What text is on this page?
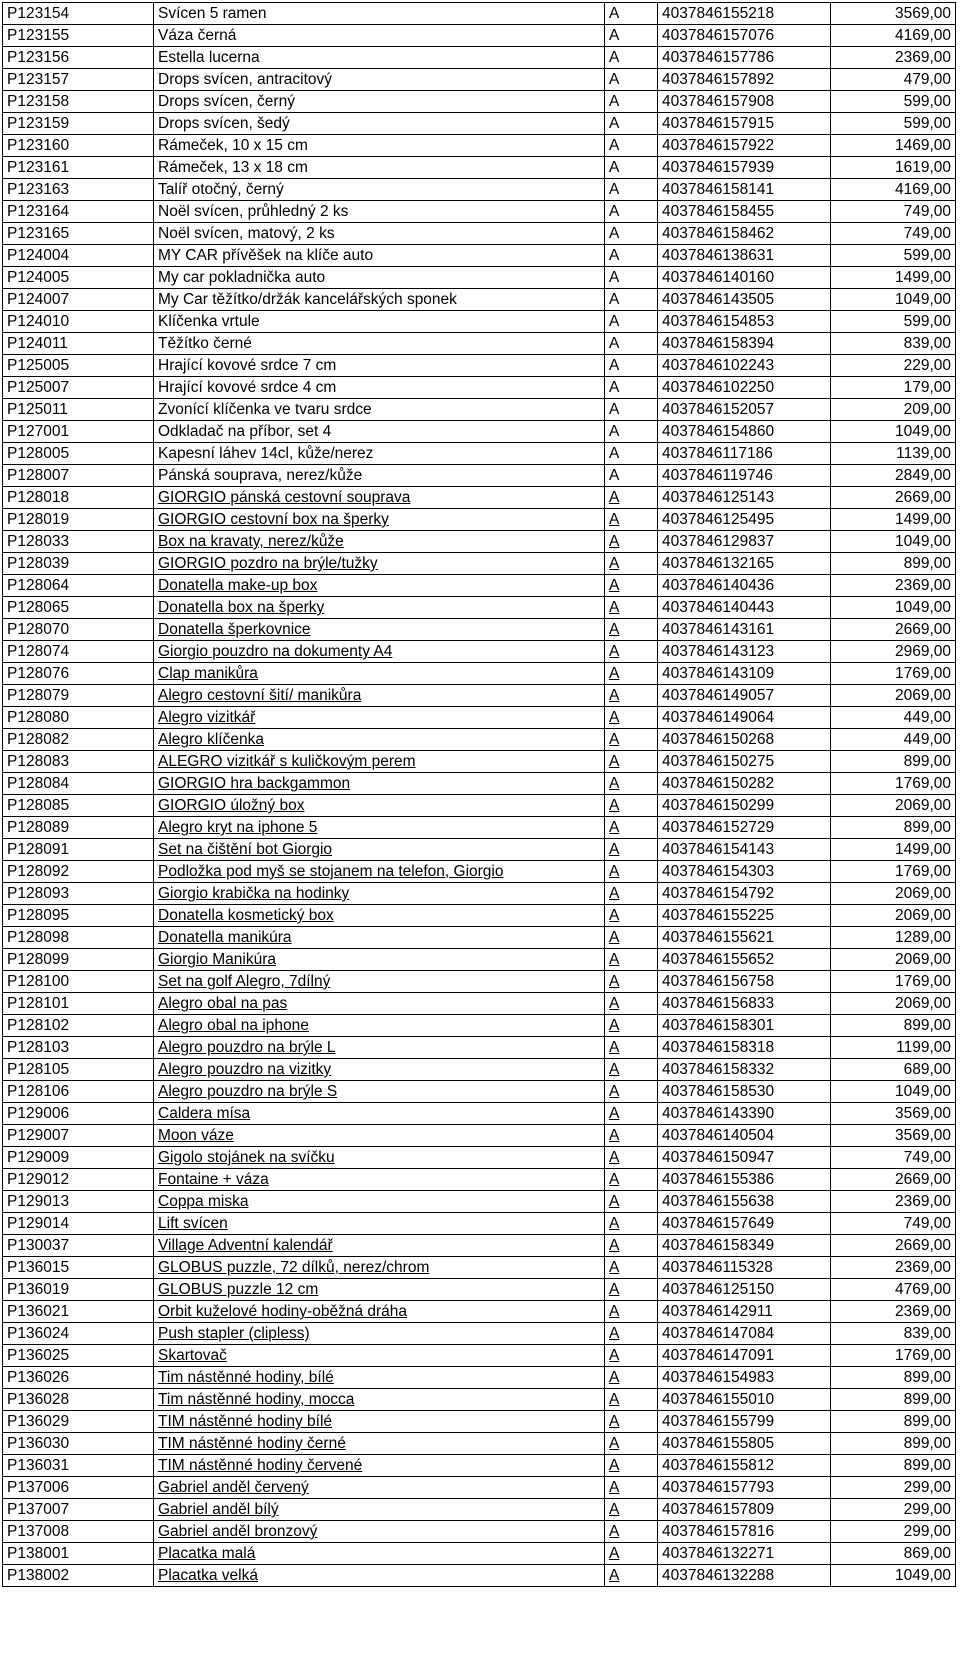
P123154	Svícen 5 ramen	A	4037846155218	3569,00
P123155	Váza černá	A	4037846157076	4169,00
P123156	Estella lucerna	A	4037846157786	2369,00
P123157	Drops svícen, antracitový	A	4037846157892	479,00
P123158	Drops svícen, černý	A	4037846157908	599,00
P123159	Drops svícen, šedý	A	4037846157915	599,00
P123160	Rámeček, 10 x 15 cm	A	4037846157922	1469,00
P123161	Rámeček, 13 x 18 cm	A	4037846157939	1619,00
P123163	Talíř otočný, černý	A	4037846158141	4169,00
P123164	Noël svícen, průhledný 2 ks	A	4037846158455	749,00
P123165	Noël svícen, matový, 2 ks	A	4037846158462	749,00
P124004	MY CAR přívěšek na klíče auto	A	4037846138631	599,00
P124005	My car pokladnička auto	A	4037846140160	1499,00
P124007	My Car těžítko/držák kancelářských sponek	A	4037846143505	1049,00
P124010	Klíčenka vrtule	A	4037846154853	599,00
P124011	Těžítko černé	A	4037846158394	839,00
P125005	Hrající kovové srdce 7 cm	A	4037846102243	229,00
P125007	Hrající kovové srdce 4 cm	A	4037846102250	179,00
P125011	Zvonící klíčenka ve tvaru srdce	A	4037846152057	209,00
P127001	Odkladač na příbor, set 4	A	4037846154860	1049,00
P128005	Kapesní láhev 14cl, kůže/nerez	A	4037846117186	1139,00
P128007	Pánská souprava, nerez/kůže	A	4037846119746	2849,00
P128018	GIORGIO pánská cestovní souprava	A	4037846125143	2669,00
P128019	GIORGIO cestovní box na šperky	A	4037846125495	1499,00
P128033	Box na kravaty, nerez/kůže	A	4037846129837	1049,00
P128039	GIORGIO pozdro na brýle/tužky	A	4037846132165	899,00
P128064	Donatella make-up box	A	4037846140436	2369,00
P128065	Donatella box na šperky	A	4037846140443	1049,00
P128070	Donatella šperkovnice	A	4037846143161	2669,00
P128074	Giorgio pouzdro na dokumenty A4	A	4037846143123	2969,00
P128076	Clap manikůra	A	4037846143109	1769,00
P128079	Alegro cestovní šití/ manikůra	A	4037846149057	2069,00
P128080	Alegro vizitkář	A	4037846149064	449,00
P128082	Alegro klíčenka	A	4037846150268	449,00
P128083	ALEGRO vizitkář s kuličkovým perem	A	4037846150275	899,00
P128084	GIORGIO hra backgammon	A	4037846150282	1769,00
P128085	GIORGIO úložný box	A	4037846150299	2069,00
P128089	Alegro kryt na iphone 5	A	4037846152729	899,00
P128091	Set na čištění bot Giorgio	A	4037846154143	1499,00
P128092	Podložka pod myš se stojanem na telefon, Giorgio	A	4037846154303	1769,00
P128093	Giorgio krabička na hodinky	A	4037846154792	2069,00
P128095	Donatella kosmetický box	A	4037846155225	2069,00
P128098	Donatella manikúra	A	4037846155621	1289,00
P128099	Giorgio Manikúra	A	4037846155652	2069,00
P128100	Set na golf Alegro, 7dílný	A	4037846156758	1769,00
P128101	Alegro obal na pas	A	4037846156833	2069,00
P128102	Alegro obal na iphone	A	4037846158301	899,00
P128103	Alegro pouzdro na brýle L	A	4037846158318	1199,00
P128105	Alegro pouzdro na vizitky	A	4037846158332	689,00
P128106	Alegro pouzdro na brýle S	A	4037846158530	1049,00
P129006	Caldera mísa	A	4037846143390	3569,00
P129007	Moon váze	A	4037846140504	3569,00
P129009	Gigolo stojánek na svíčku	A	4037846150947	749,00
P129012	Fontaine + váza	A	4037846155386	2669,00
P129013	Coppa miska	A	4037846155638	2369,00
P129014	Lift svícen	A	4037846157649	749,00
P130037	Village Adventní kalendář	A	4037846158349	2669,00
P136015	GLOBUS puzzle, 72 dílků, nerez/chrom	A	4037846115328	2369,00
P136019	GLOBUS puzzle 12 cm	A	4037846125150	4769,00
P136021	Orbit kuželové hodiny-oběžná dráha	A	4037846142911	2369,00
P136024	Push stapler (clipless)	A	4037846147084	839,00
P136025	Skartovač	A	4037846147091	1769,00
P136026	Tim nástěnné hodiny, bílé	A	4037846154983	899,00
P136028	Tim nástěnné hodiny, mocca	A	4037846155010	899,00
P136029	TIM nástěnné hodiny bílé	A	4037846155799	899,00
P136030	TIM nástěnné hodiny černé	A	4037846155805	899,00
P136031	TIM nástěnné hodiny červené	A	4037846155812	899,00
P137006	Gabriel anděl červený	A	4037846157793	299,00
P137007	Gabriel anděl bílý	A	4037846157809	299,00
P137008	Gabriel anděl bronzový	A	4037846157816	299,00
P138001	Placatka malá	A	4037846132271	869,00
P138002	Placatka velká	A	4037846132288	1049,00
